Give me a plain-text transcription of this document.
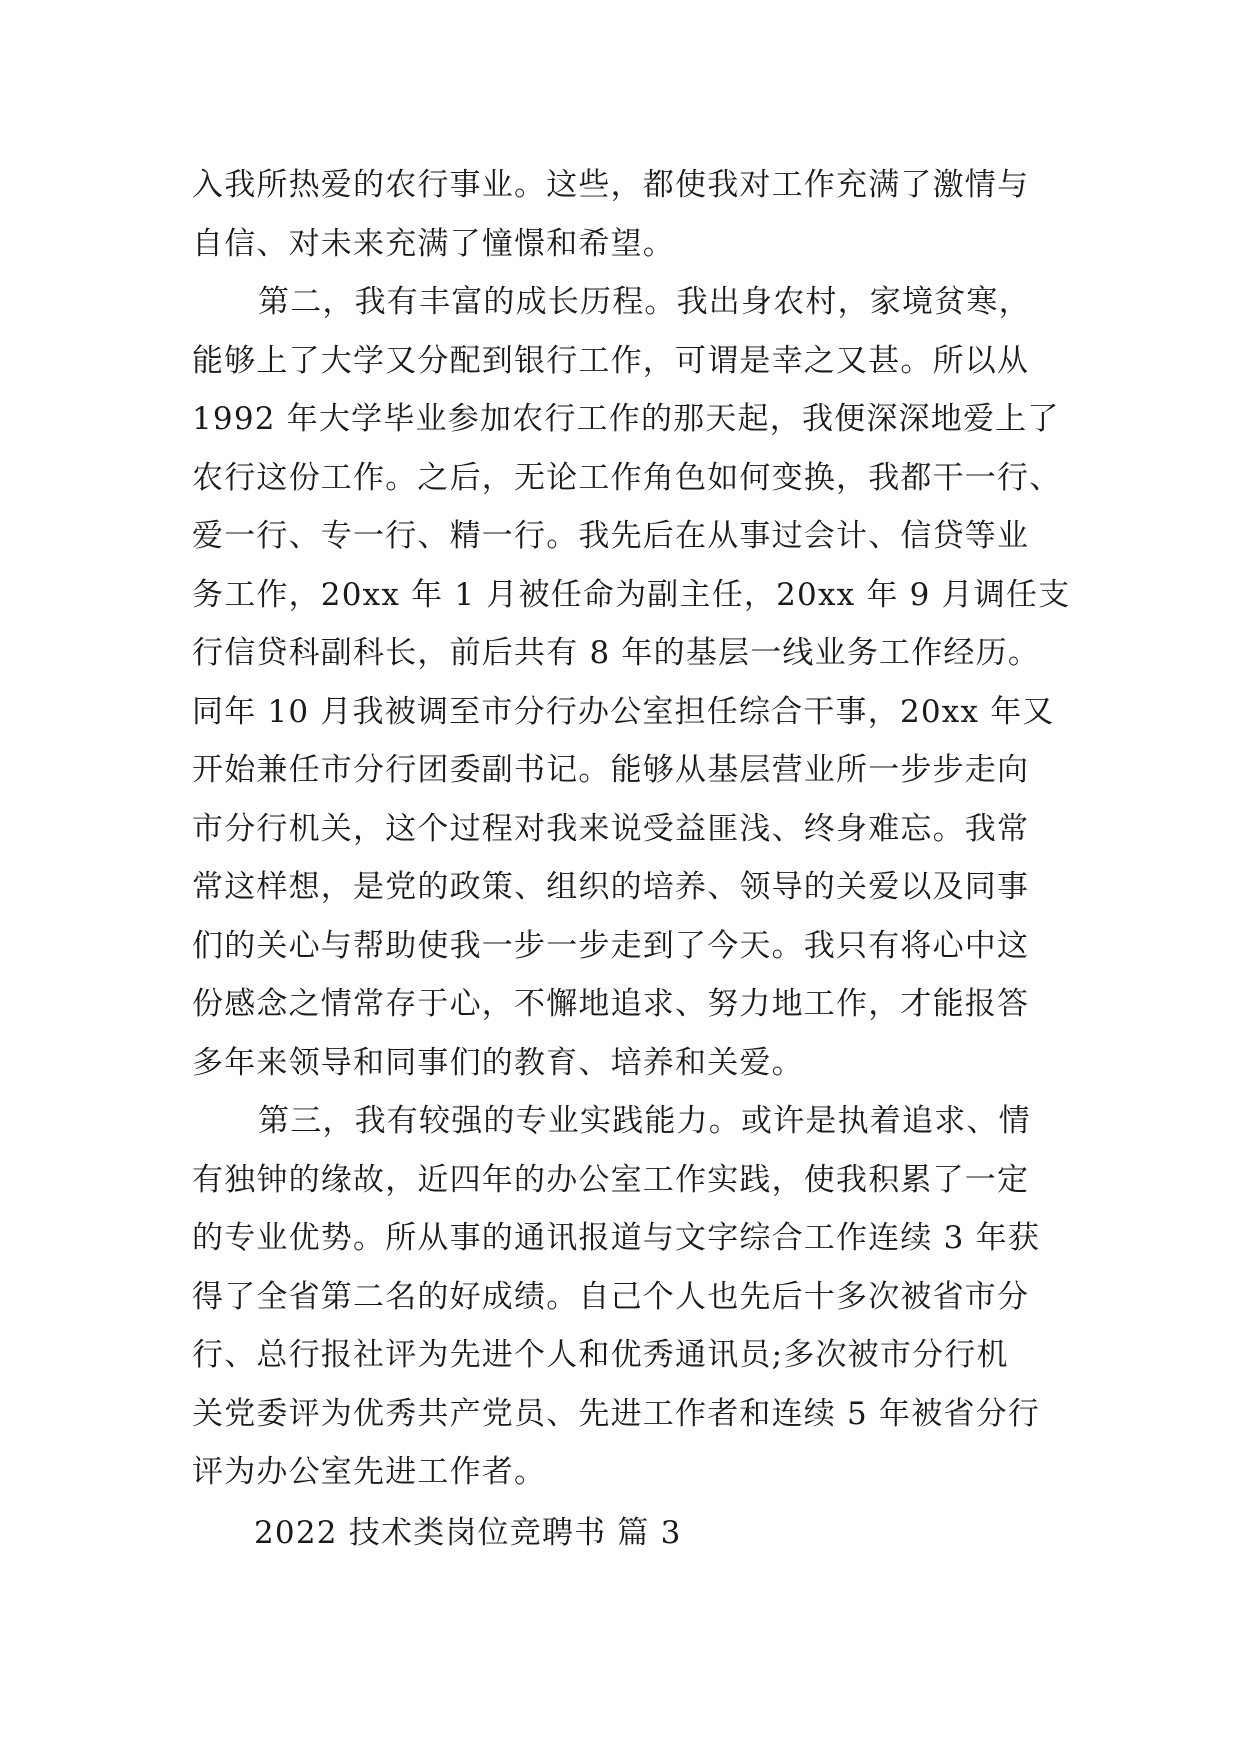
入我所热爱的农行事业。这些，都使我对工作充满了激情与
自信、对未来充满了憧憬和希望。
第二，我有丰富的成长历程。我出身农村，家境贫寒，
能够上了大学又分配到银行工作，可谓是幸之又甚。所以从
1992 年大学毕业参加农行工作的那天起，我便深深地爱上了
农行这份工作。之后，无论工作角色如何变换，我都干一行、
爱一行、专一行、精一行。我先后在从事过会计、信贷等业
务工作，20xx 年 1 月被任命为副主任，20xx 年 9 月调任支
行信贷科副科长，前后共有 8 年的基层一线业务工作经历。
同年 10 月我被调至市分行办公室担任综合干事，20xx 年又
开始兼任市分行团委副书记。能够从基层营业所一步步走向
市分行机关，这个过程对我来说受益匪浅、终身难忘。我常
常这样想，是党的政策、组织的培养、领导的关爱以及同事
们的关心与帮助使我一步一步走到了今天。我只有将心中这
份感念之情常存于心，不懈地追求、努力地工作，才能报答
多年来领导和同事们的教育、培养和关爱。
第三，我有较强的专业实践能力。或许是执着追求、情
有独钟的缘故，近四年的办公室工作实践，使我积累了一定
的专业优势。所从事的通讯报道与文字综合工作连续 3 年获
得了全省第二名的好成绩。自己个人也先后十多次被省市分
行、总行报社评为先进个人和优秀通讯员;多次被市分行机
关党委评为优秀共产党员、先进工作者和连续 5 年被省分行
评为办公室先进工作者。
2022 技术类岗位竞聘书 篇 3
